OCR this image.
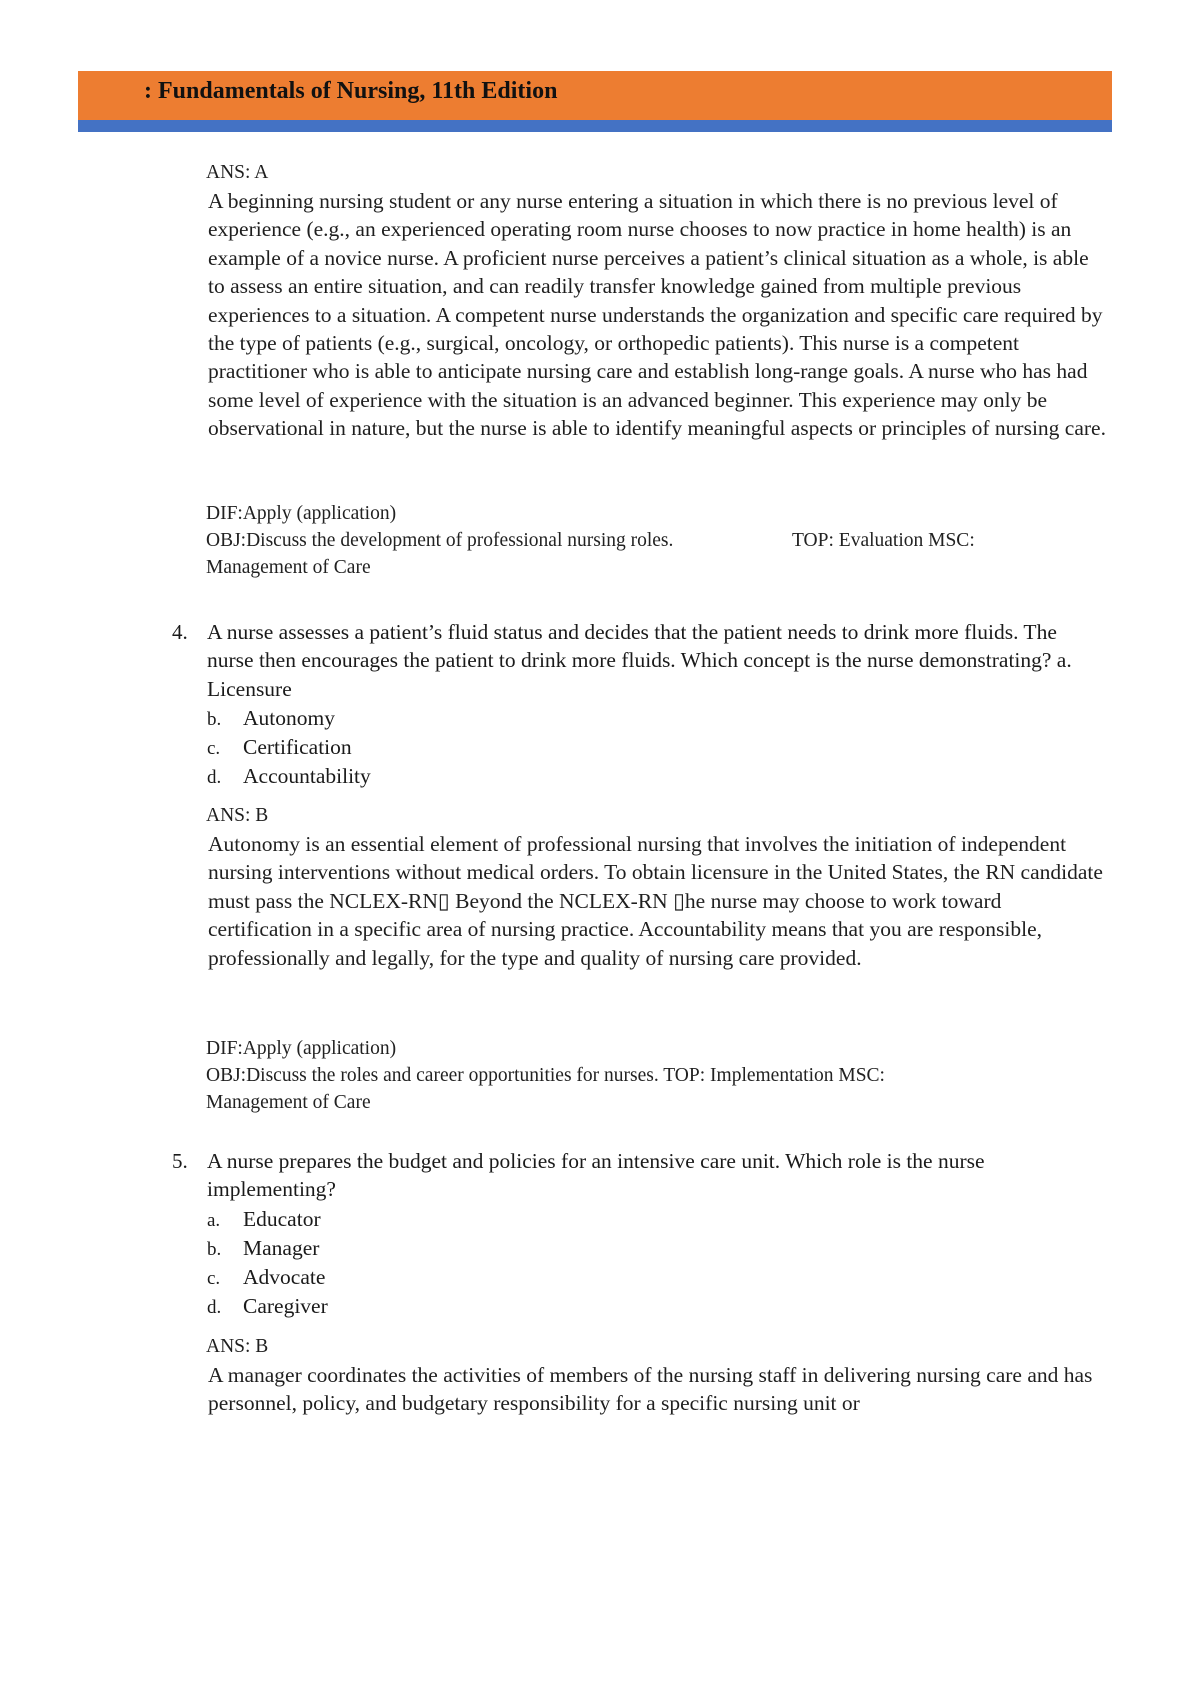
: Fundamentals of Nursing, 11th Edition
ANS: A
A beginning nursing student or any nurse entering a situation in which there is no previous level of experience (e.g., an experienced operating room nurse chooses to now practice in home health) is an example of a novice nurse. A proficient nurse perceives a patient’s clinical situation as a whole, is able to assess an entire situation, and can readily transfer knowledge gained from multiple previous experiences to a situation. A competent nurse understands the organization and specific care required by the type of patients (e.g., surgical, oncology, or orthopedic patients). This nurse is a competent practitioner who is able to anticipate nursing care and establish long-range goals. A nurse who has had some level of experience with the situation is an advanced beginner. This experience may only be observational in nature, but the nurse is able to identify meaningful aspects or principles of nursing care.
DIF:Apply (application)
OBJ:Discuss the development of professional nursing roles.	TOP: Evaluation MSC:
Management of Care
4. A nurse assesses a patient’s fluid status and decides that the patient needs to drink more fluids. The nurse then encourages the patient to drink more fluids. Which concept is the nurse demonstrating? a. Licensure
b. Autonomy
c. Certification
d. Accountability
ANS: B
Autonomy is an essential element of professional nursing that involves the initiation of independent nursing interventions without medical orders. To obtain licensure in the United States, the RN candidate must pass the NCLEX-RN▯ Beyond the NCLEX-RN ▯he nurse may choose to work toward certification in a specific area of nursing practice. Accountability means that you are responsible, professionally and legally, for the type and quality of nursing care provided.
DIF:Apply (application)
OBJ:Discuss the roles and career opportunities for nurses. TOP: Implementation MSC:
Management of Care
5. A nurse prepares the budget and policies for an intensive care unit. Which role is the nurse implementing?
a. Educator
b. Manager
c. Advocate
d. Caregiver
ANS: B
A manager coordinates the activities of members of the nursing staff in delivering nursing care and has personnel, policy, and budgetary responsibility for a specific nursing unit or
